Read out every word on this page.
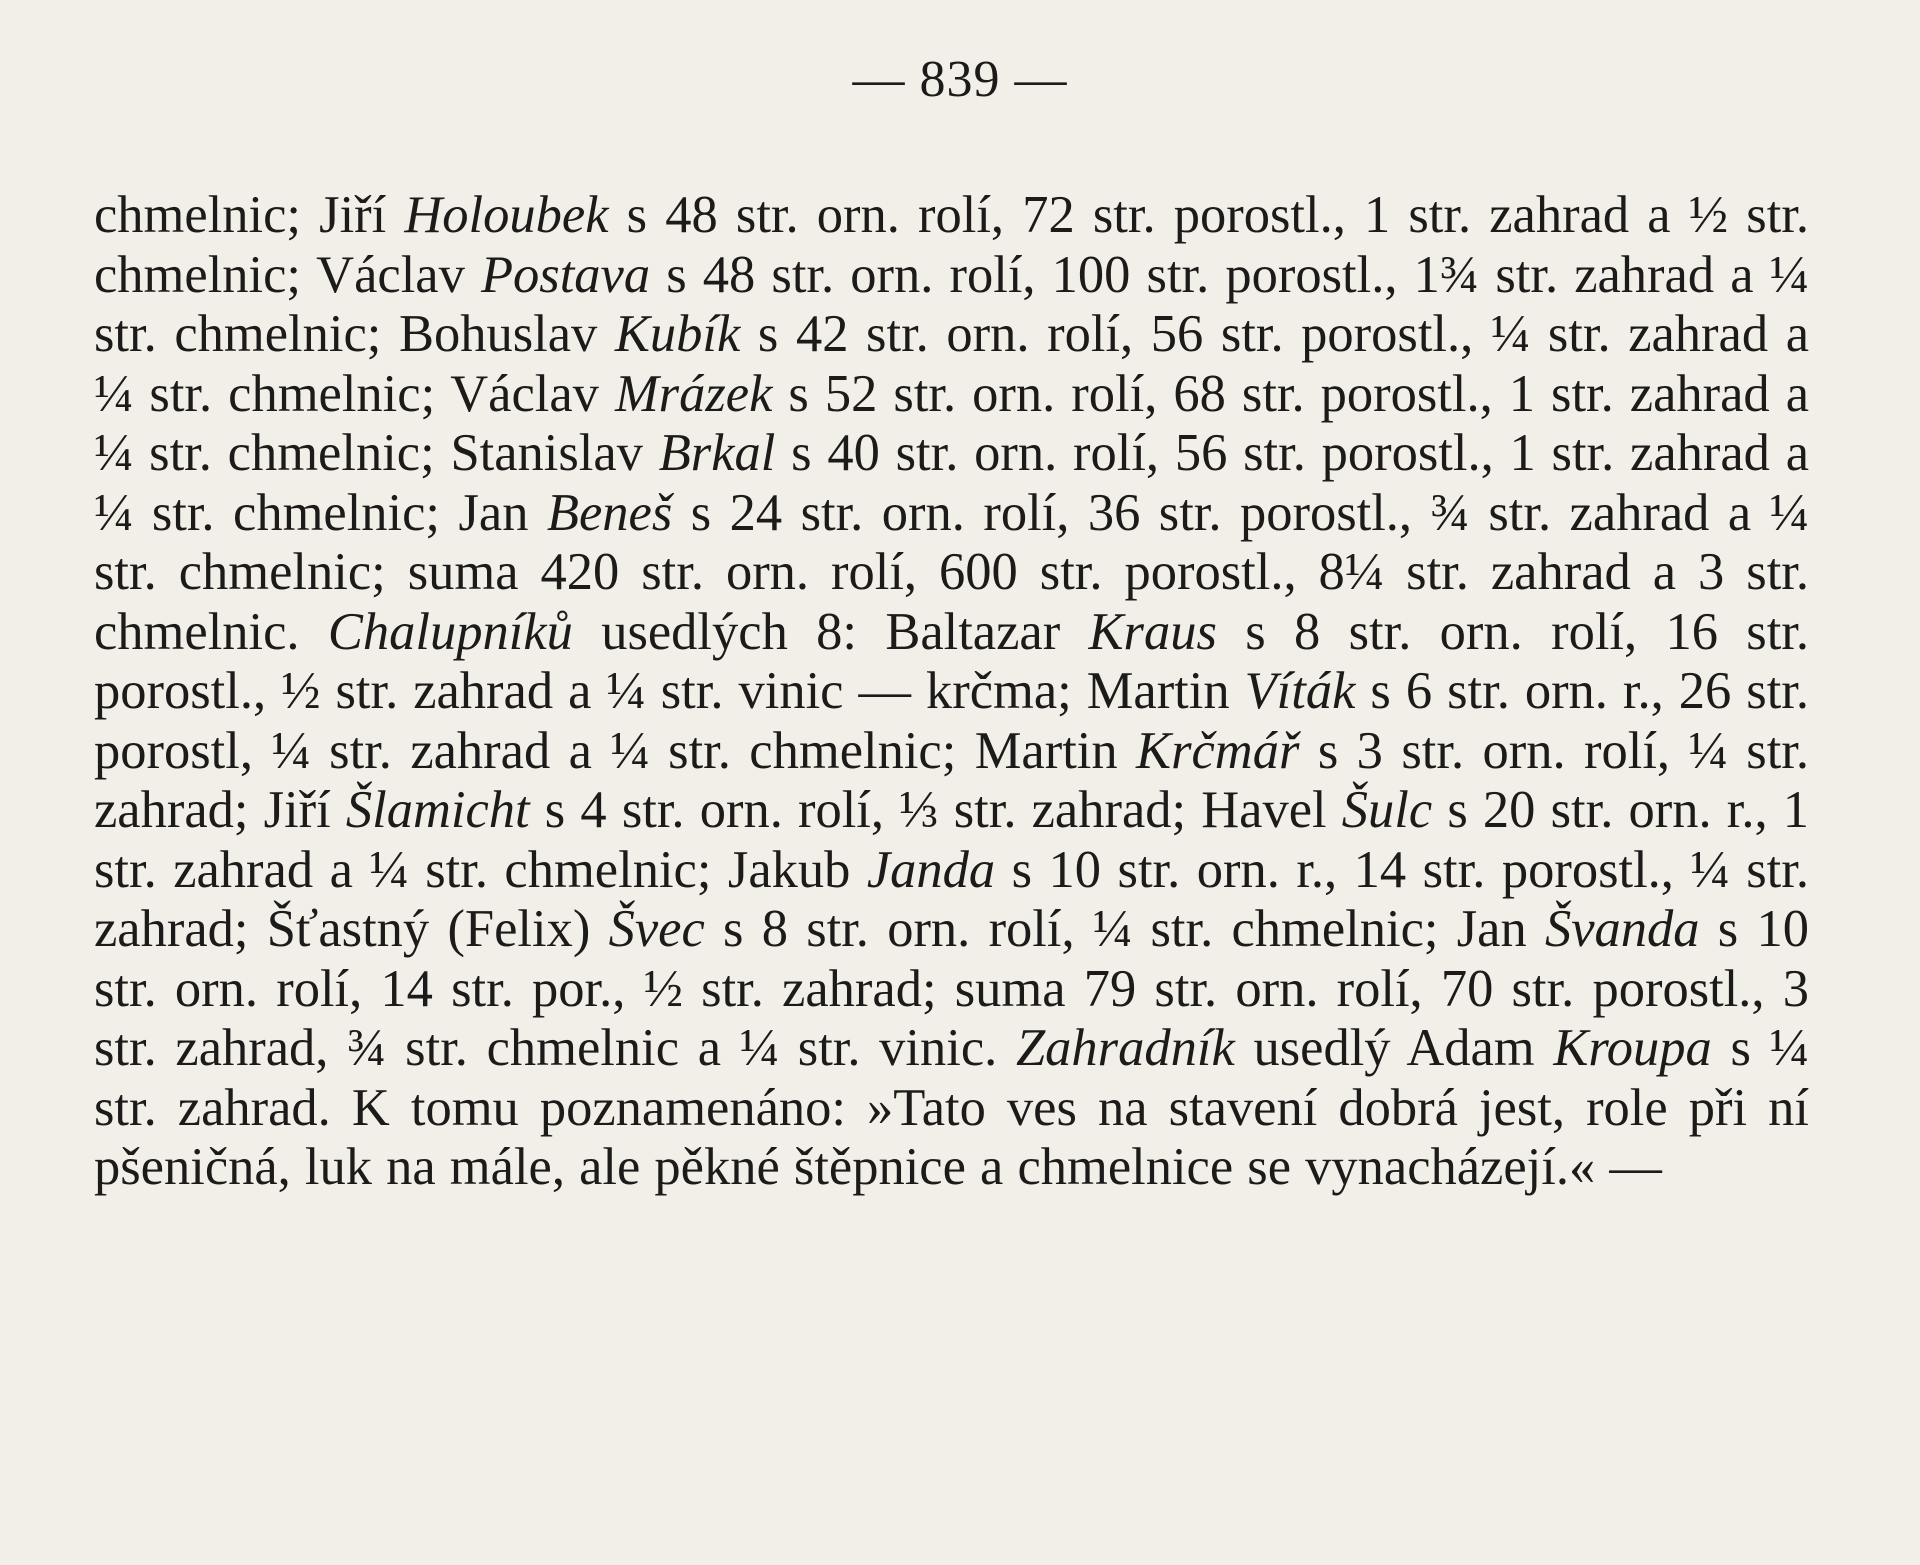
— 839 —
chmelnic; Jiří Holoubek s 48 str. orn. rolí, 72 str. porostl., 1 str. zahrad a ½ str. chmelnic; Václav Postava s 48 str. orn. rolí, 100 str. porostl., 1¾ str. zahrad a ¼ str. chmelnic; Bohuslav Kubík s 42 str. orn. rolí, 56 str. porostl., ¼ str. zahrad a ¼ str. chmelnic; Václav Mrázek s 52 str. orn. rolí, 68 str. porostl., 1 str. zahrad a ¼ str. chmelnic; Stanislav Brkal s 40 str. orn. rolí, 56 str. porostl., 1 str. zahrad a ¼ str. chmelnic; Jan Beneš s 24 str. orn. rolí, 36 str. porostl., ¾ str. zahrad a ¼ str. chmelnic; suma 420 str. orn. rolí, 600 str. porostl., 8¼ str. zahrad a 3 str. chmelnic. Chalupníků usedlých 8: Baltazar Kraus s 8 str. orn. rolí, 16 str. porostl., ½ str. zahrad a ¼ str. vinic — krčma; Martin Víták s 6 str. orn. r., 26 str. porostl, ¼ str. zahrad a ¼ str. chmelnic; Martin Krčmář s 3 str. orn. rolí, ¼ str. zahrad; Jiří Šlamicht s 4 str. orn. rolí, ⅓ str. zahrad; Havel Šulc s 20 str. orn. r., 1 str. zahrad a ¼ str. chmelnic; Jakub Janda s 10 str. orn. r., 14 str. porostl., ¼ str. zahrad; Šťastný (Felix) Švec s 8 str. orn. rolí, ¼ str. chmelnic; Jan Švanda s 10 str. orn. rolí, 14 str. por., ½ str. zahrad; suma 79 str. orn. rolí, 70 str. porostl., 3 str. zahrad, ¾ str. chmelnic a ¼ str. vinic. Zahradník usedlý Adam Kroupa s ¼ str. zahrad. K tomu poznamenáno: »Tato ves na stavení dobrá jest, role při ní pšeničná, luk na mále, ale pěkné štěpnice a chmelnice se vynacházejí.« —
